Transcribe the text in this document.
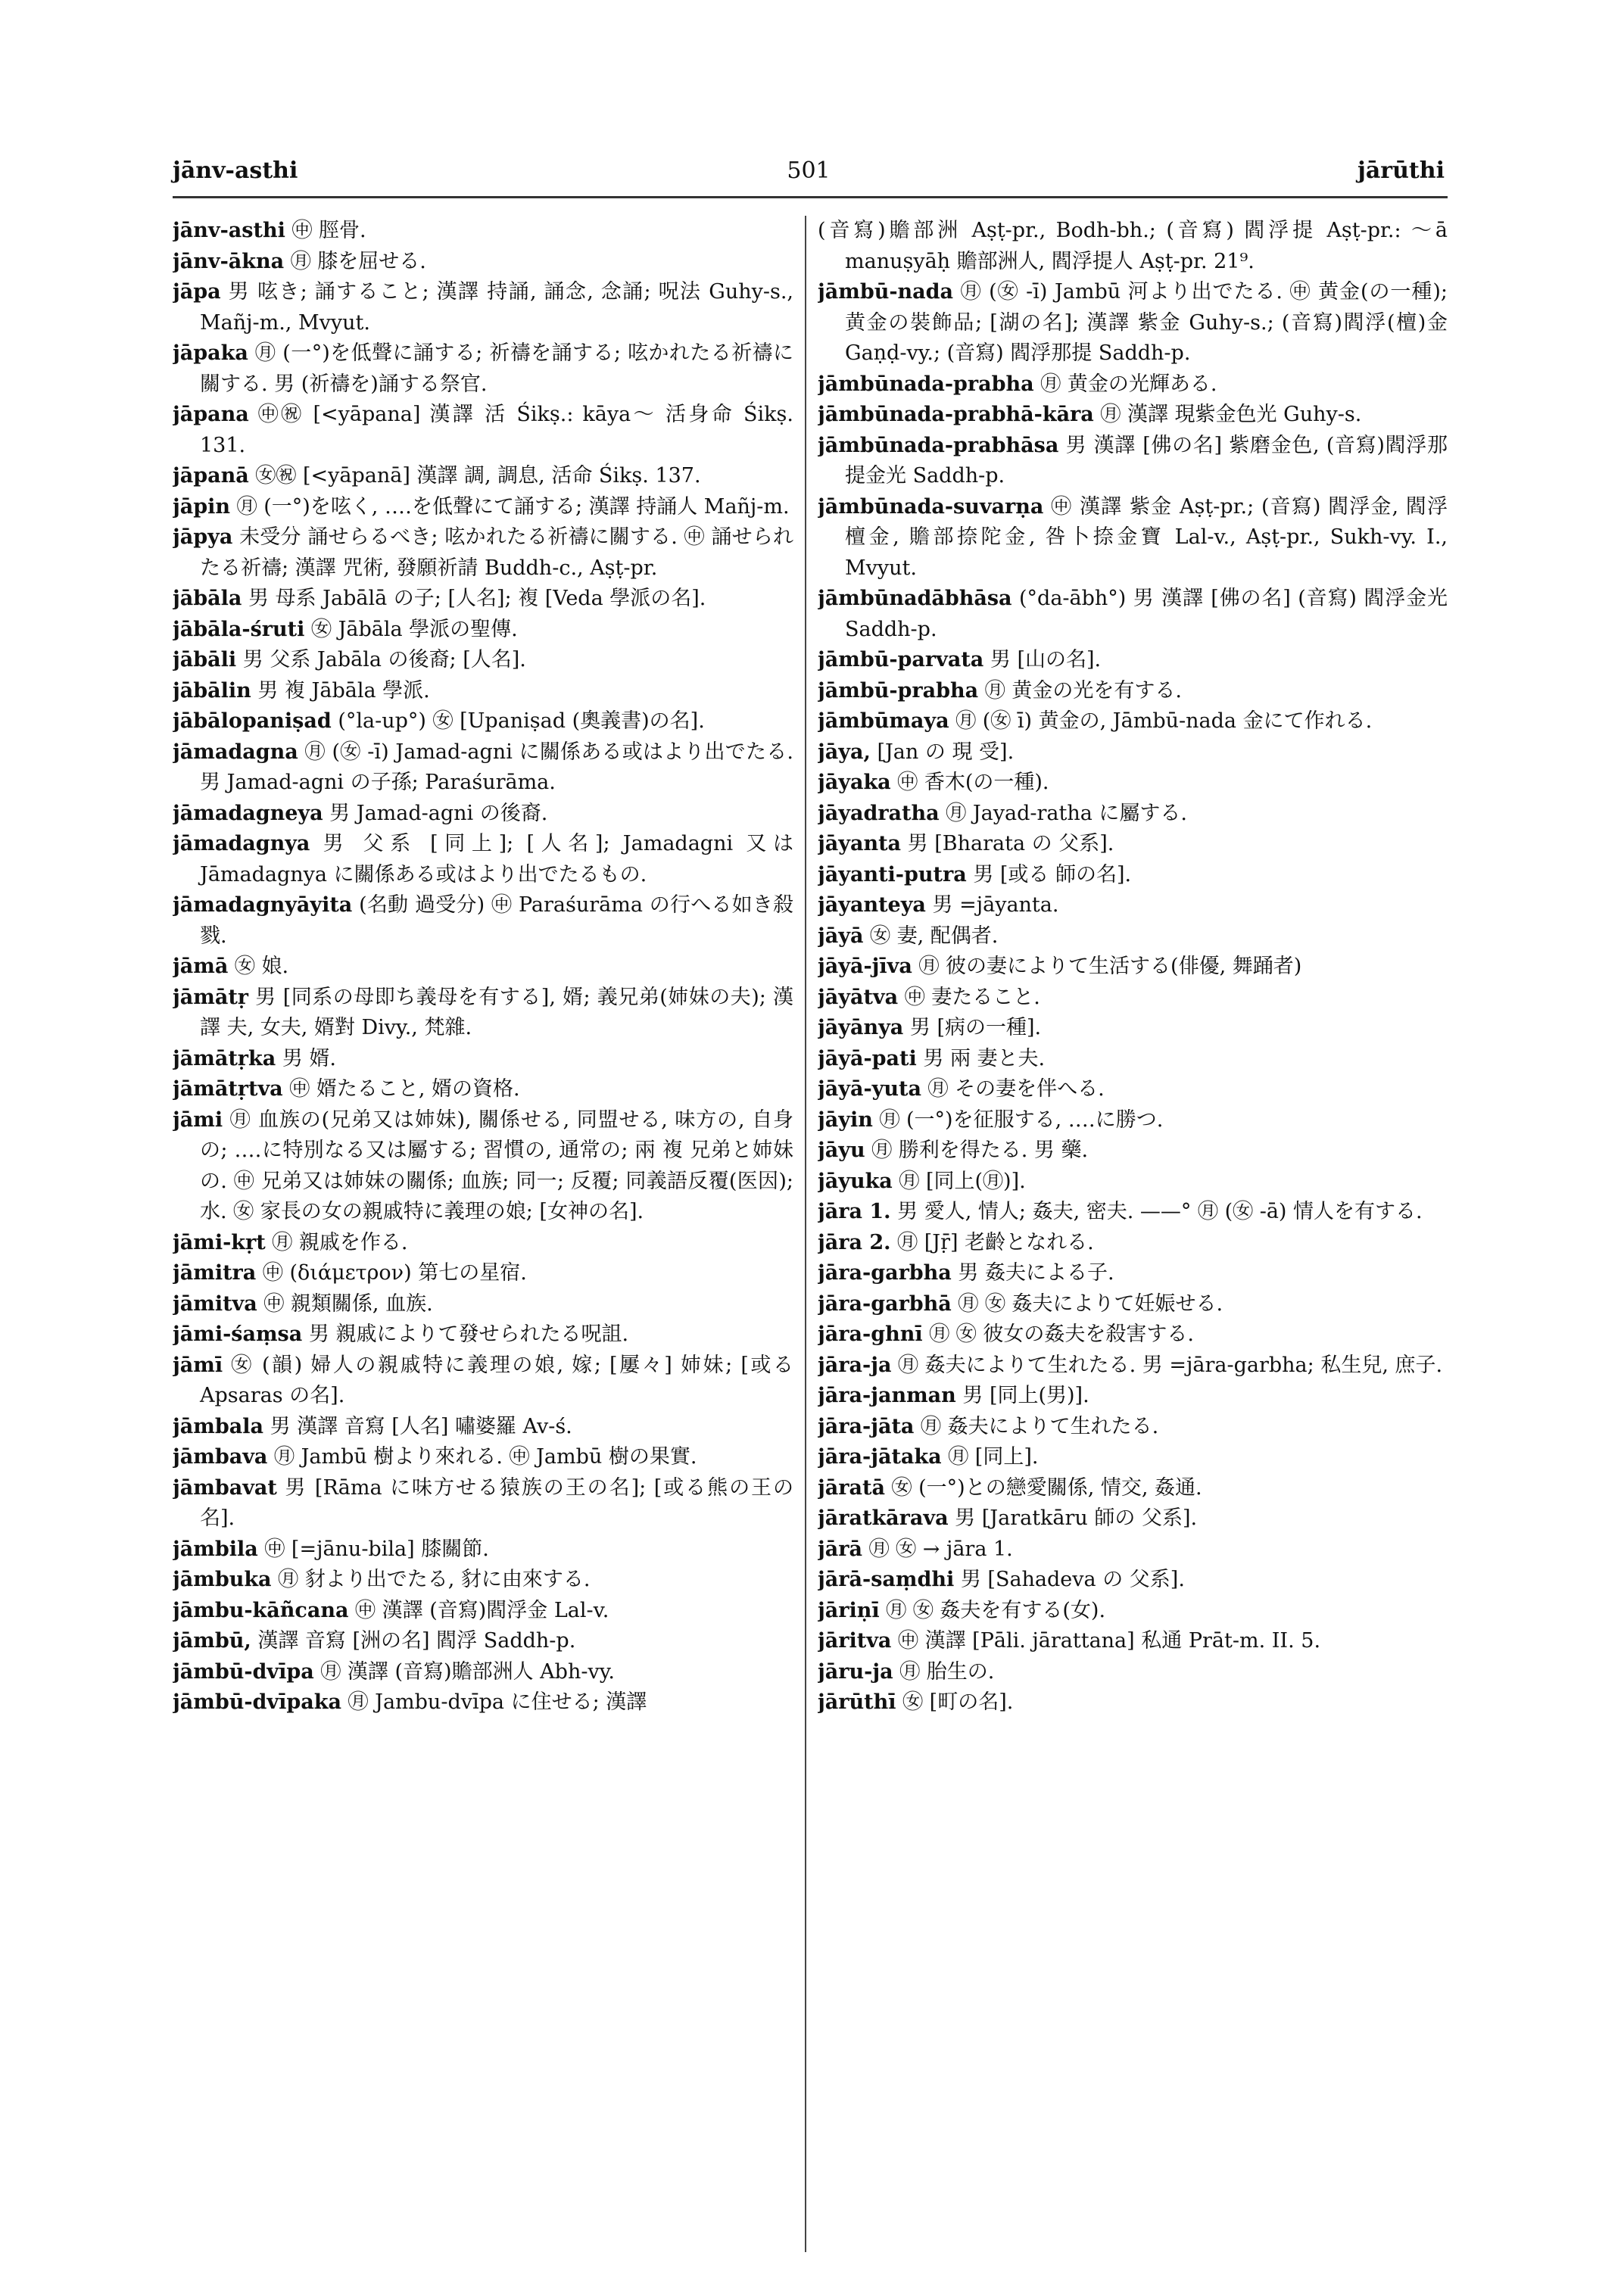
jānv-asthi	501	jārūthi

jānv-asthi ㊥ 脛骨.

jānv-ākna ㊊ 膝を屈せる.

jāpa 男 呟き; 誦すること; 漢譯 持誦, 誦念, 念誦; 呪法 Guhy-s., Mañj-m., Mvyut.

jāpaka ㊊ (一°)を低聲に誦する; 祈禱を誦する; 呟かれたる祈禱に關する. 男 (祈禱を)誦する祭官.

jāpana ㊥㊗ [<yāpana] 漢譯 活 Śikṣ.: kāya〜 活身命 Śikṣ. 131.

jāpanā ㊛㊗ [<yāpanā] 漢譯 調, 調息, 活命 Śikṣ. 137.

jāpin ㊊ (一°)を呟く, ‥‥を低聲にて誦する; 漢譯 持誦人 Mañj-m.

jāpya 未受分 誦せらるべき; 呟かれたる祈禱に關する. ㊥ 誦せられたる祈禱; 漢譯 咒術, 發願祈請 Buddh-c., Aṣṭ-pr.

jābāla 男 母系 Jabālā の子; [人名]; 複 [Veda 學派の名].

jābāla-śruti ㊛ Jābāla 學派の聖傳.

jābāli 男 父系 Jabāla の後裔; [人名].

jābālin 男 複 Jābāla 學派.

jābālopaniṣad (°la-up°) ㊛ [Upaniṣad (奧義書)の名].

jāmadagna ㊊ (㊛ -ī) Jamad-agni に關係ある或はより出でたる. 男 Jamad-agni の子孫; Paraśurāma.

jāmadagneya 男 Jamad-agni の後裔.

jāmadagnya 男 父系 [同上]; [人名]; Jamadagni 又は Jāmadagnya に關係ある或はより出でたるもの.

jāmadagnyāyita (名動 過受分) ㊥ Paraśurāma の行へる如き殺戮.

jāmā ㊛ 娘.

jāmātṛ 男 [同系の母即ち義母を有する], 婿; 義兄弟(姉妹の夫); 漢譯 夫, 女夫, 婿對 Divy., 梵雜.

jāmātṛka 男 婿.

jāmātṛtva ㊥ 婿たること, 婿の資格.

jāmi ㊊ 血族の(兄弟又は姉妹), 關係せる, 同盟せる, 味方の, 自身の; ‥‥に特別なる又は屬する; 習慣の, 通常の; 兩 複 兄弟と姉妹の. ㊥ 兄弟又は姉妹の關係; 血族; 同一; 反覆; 同義語反覆(医因); 水. ㊛ 家長の女の親戚特に義理の娘; [女神の名].

jāmi-kṛt ㊊ 親戚を作る.

jāmitra ㊥ (διάμετρον) 第七の星宿.

jāmitva ㊥ 親類關係, 血族.

jāmi-śaṃsa 男 親戚によりて發せられたる呪詛.

jāmī ㊛ (韻) 婦人の親戚特に義理の娘, 嫁; [屢々] 姉妹; [或る Apsaras の名].

jāmbala 男 漢譯 音寫 [人名] 嘯婆羅 Av-ś.

jāmbava ㊊ Jambū 樹より來れる. ㊥ Jambū 樹の果實.

jāmbavat 男 [Rāma に味方せる猿族の王の名]; [或る熊の王の名].

jāmbila ㊥ [=jānu-bila] 膝關節.

jāmbuka ㊊ 豺より出でたる, 豺に由來する.

jāmbu-kāñcana ㊥ 漢譯 (音寫)閻浮金 Lal-v.

jāmbū, 漢譯 音寫 [洲の名] 閻浮 Saddh-p.

jāmbū-dvīpa ㊊ 漢譯 (音寫)贍部洲人 Abh-vy.

jāmbū-dvīpaka ㊊ Jambu-dvīpa に住せる; 漢譯

(音寫)贍部洲 Aṣṭ-pr., Bodh-bh.; (音寫) 閻浮提 Aṣṭ-pr.: 〜ā manuṣyāḥ 贍部洲人, 閻浮提人 Aṣṭ-pr. 21⁹.

jāmbū-nada ㊊ (㊛ -ī) Jambū 河より出でたる. ㊥ 黄金(の一種); 黄金の裝飾品; [湖の名]; 漢譯 紫金 Guhy-s.; (音寫)閻浮(檀)金 Gaṇḍ-vy.; (音寫) 閻浮那提 Saddh-p.

jāmbūnada-prabha ㊊ 黄金の光輝ある.

jāmbūnada-prabhā-kāra ㊊ 漢譯 現紫金色光 Guhy-s.

jāmbūnada-prabhāsa 男 漢譯 [佛の名] 紫磨金色, (音寫)閻浮那提金光 Saddh-p.

jāmbūnada-suvarṇa ㊥ 漢譯 紫金 Aṣṭ-pr.; (音寫) 閻浮金, 閻浮檀金, 贍部捺陀金, 咎卜捺金寶 Lal-v., Aṣṭ-pr., Sukh-vy. I., Mvyut.

jāmbūnadābhāsa (°da-ābh°) 男 漢譯 [佛の名] (音寫) 閻浮金光 Saddh-p.

jāmbū-parvata 男 [山の名].

jāmbū-prabha ㊊ 黄金の光を有する.

jāmbūmaya ㊊ (㊛ ī) 黄金の, Jāmbū-nada 金にて作れる.

jāya, [Jan の 現 受].

jāyaka ㊥ 香木(の一種).

jāyadratha ㊊ Jayad-ratha に屬する.

jāyanta 男 [Bharata の 父系].

jāyanti-putra 男 [或る 師の名].

jāyanteya 男 =jāyanta.

jāyā ㊛ 妻, 配偶者.

jāyā-jīva ㊊ 彼の妻によりて生活する(俳優, 舞踊者)

jāyātva ㊥ 妻たること.

jāyānya 男 [病の一種].

jāyā-pati 男 兩 妻と夫.

jāyā-yuta ㊊ その妻を伴へる.

jāyin ㊊ (一°)を征服する, ‥‥に勝つ.

jāyu ㊊ 勝利を得たる. 男 藥.

jāyuka ㊊ [同上(㊊)].

jāra 1. 男 愛人, 情人; 姦夫, 密夫. ——° ㊊ (㊛ -ā) 情人を有する.

jāra 2. ㊊ [Jṝ] 老齡となれる.

jāra-garbha 男 姦夫による子.

jāra-garbhā ㊊ ㊛ 姦夫によりて妊娠せる.

jāra-ghnī ㊊ ㊛ 彼女の姦夫を殺害する.

jāra-ja ㊊ 姦夫によりて生れたる. 男 =jāra-garbha; 私生兒, 庶子.

jāra-janman 男 [同上(男)].

jāra-jāta ㊊ 姦夫によりて生れたる.

jāra-jātaka ㊊ [同上].

jāratā ㊛ (一°)との戀愛關係, 情交, 姦通.

jāratkārava 男 [Jaratkāru 師の 父系].

jārā ㊊ ㊛ → jāra 1.

jārā-saṃdhi 男 [Sahadeva の 父系].

jāriṇī ㊊ ㊛ 姦夫を有する(女).

jāritva ㊥ 漢譯 [Pāli. jārattana] 私通 Prāt-m. II. 5.

jāru-ja ㊊ 胎生の.

jārūthī ㊛ [町の名].
